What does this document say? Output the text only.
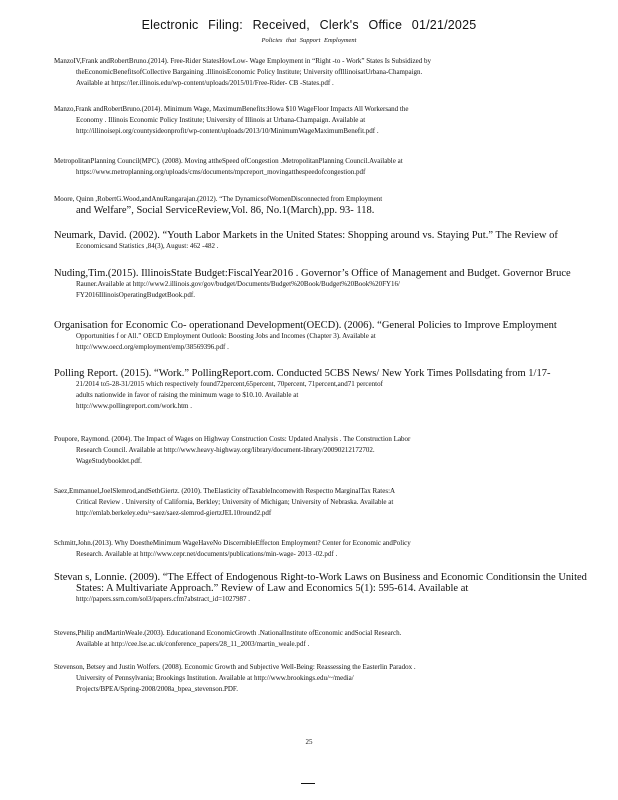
Electronic Filing: Received, Clerk's Office 01/21/2025
Policies that Support Employment
ManzoIV,Frank andRobertBruno.(2014). Free-Rider StatesHowLow- Wage Employment in “Right -to - Work” States Is Subsidized by
theEconomicBenefitsofCollective Bargaining .IllinoisEconomic Policy Institute; University ofIllinoisatUrbana-Champaign.
Available at https://ler.illinois.edu/wp-content/uploads/2015/01/Free-Rider- CB -States.pdf .
Manzo,Frank andRobertBruno.(2014). Minimum Wage, MaximumBenefits:Howa $10 WageFloor Impacts All Workersand the
Economy . Illinois Economic Policy Institute; University of Illinois at Urbana-Champaign. Available at
http://illinoisepi.org/countysideonprofit/wp-content/uploads/2013/10/MinimumWageMaximumBenefit.pdf .
MetropolitanPlanning Council(MPC). (2008). Moving attheSpeed ofCongestion .MetropolitanPlanning Council.Available at
https://www.metroplanning.org/uploads/cms/documents/mpcreport_movingatthespeedofcongestion.pdf
Moore, Quinn ,RobertG.Wood,andAnuRangarajan.(2012). “The DynamicsofWomenDisconnected from Employment
and Welfare”, Social ServiceReview,Vol. 86, No.1(March),pp. 93- 118.
Neumark, David. (2002). “Youth Labor Markets in the United States: Shopping around vs. Staying Put.” The Review of
Economicsand Statistics ,84(3), August: 462 -482 .
Nuding,Tim.(2015). IllinoisState Budget:FiscalYear2016 . Governor’s Office of Management and Budget. Governor Bruce
Rauner.Available at http://www2.illinois.gov/gov/budget/Documents/Budget%20Book/Budget%20Book%20FY16/
FY2016IllinoisOperatingBudgetBook.pdf.
Organisation for Economic Co- operationand Development(OECD). (2006). “General Policies to Improve Employment
Opportunities f or All.” OECD Employment Outlook: Boosting Jobs and Incomes (Chapter 3). Available at
http://www.oecd.org/employment/emp/38569396.pdf .
Polling Report. (2015). “Work.” PollingReport.com. Conducted 5CBS News/ New York Times Pollsdating from 1/17-
21/2014 to5-28-31/2015 which respectively found72percent,65percent, 70percent, 71percent,and71 percentof
adults nationwide in favor of raising the minimum wage to $10.10. Available at
http://www.pollingreport.com/work.htm .
Poupore, Raymond. (2004). The Impact of Wages on Highway Construction Costs: Updated Analysis . The Construction Labor
Research Council. Available at http://www.heavy-highway.org/library/document-library/20090212172702.
WageStudybooklet.pdf.
Saez,Emmanuel,JoelSlemrod,andSethGiertz. (2010). TheElasticity ofTaxableIncomewith Respectto MarginalTax Rates:A
Critical Review . University of California, Berkley; University of Michigan; University of Nebraska. Available at
http://emlab.berkeley.edu/~saez/saez-slemrod-giertzJEL10round2.pdf
Schmitt,John.(2013). Why DoestheMinimum WageHaveNo DiscernibleEffecton Employment? Center for Economic andPolicy
Research. Available at http://www.cepr.net/documents/publications/min-wage- 2013 -02.pdf .
Stevan s, Lonnie. (2009). “The Effect of Endogenous Right-to-Work Laws on Business and Economic Conditionsin the United
States: A Multivariate Approach.” Review of Law and Economics 5(1): 595-614. Available at
http://papers.ssrn.com/sol3/papers.cfm?abstract_id=1027987 .
Stevens,Philip andMartinWeale.(2003). Educationand EconomicGrowth .NationalInstitute ofEconomic andSocial Research.
Available at http://cee.lse.ac.uk/conference_papers/28_11_2003/martin_weale.pdf .
Stevenson, Betsey and Justin Wolfers. (2008). Economic Growth and Subjective Well-Being: Reassessing the Easterlin Paradox .
University of Pennsylvania; Brookings Institution. Available at http://www.brookings.edu/~/media/
Projects/BPEA/Spring-2008/2008a_bpea_stevenson.PDF.
25
